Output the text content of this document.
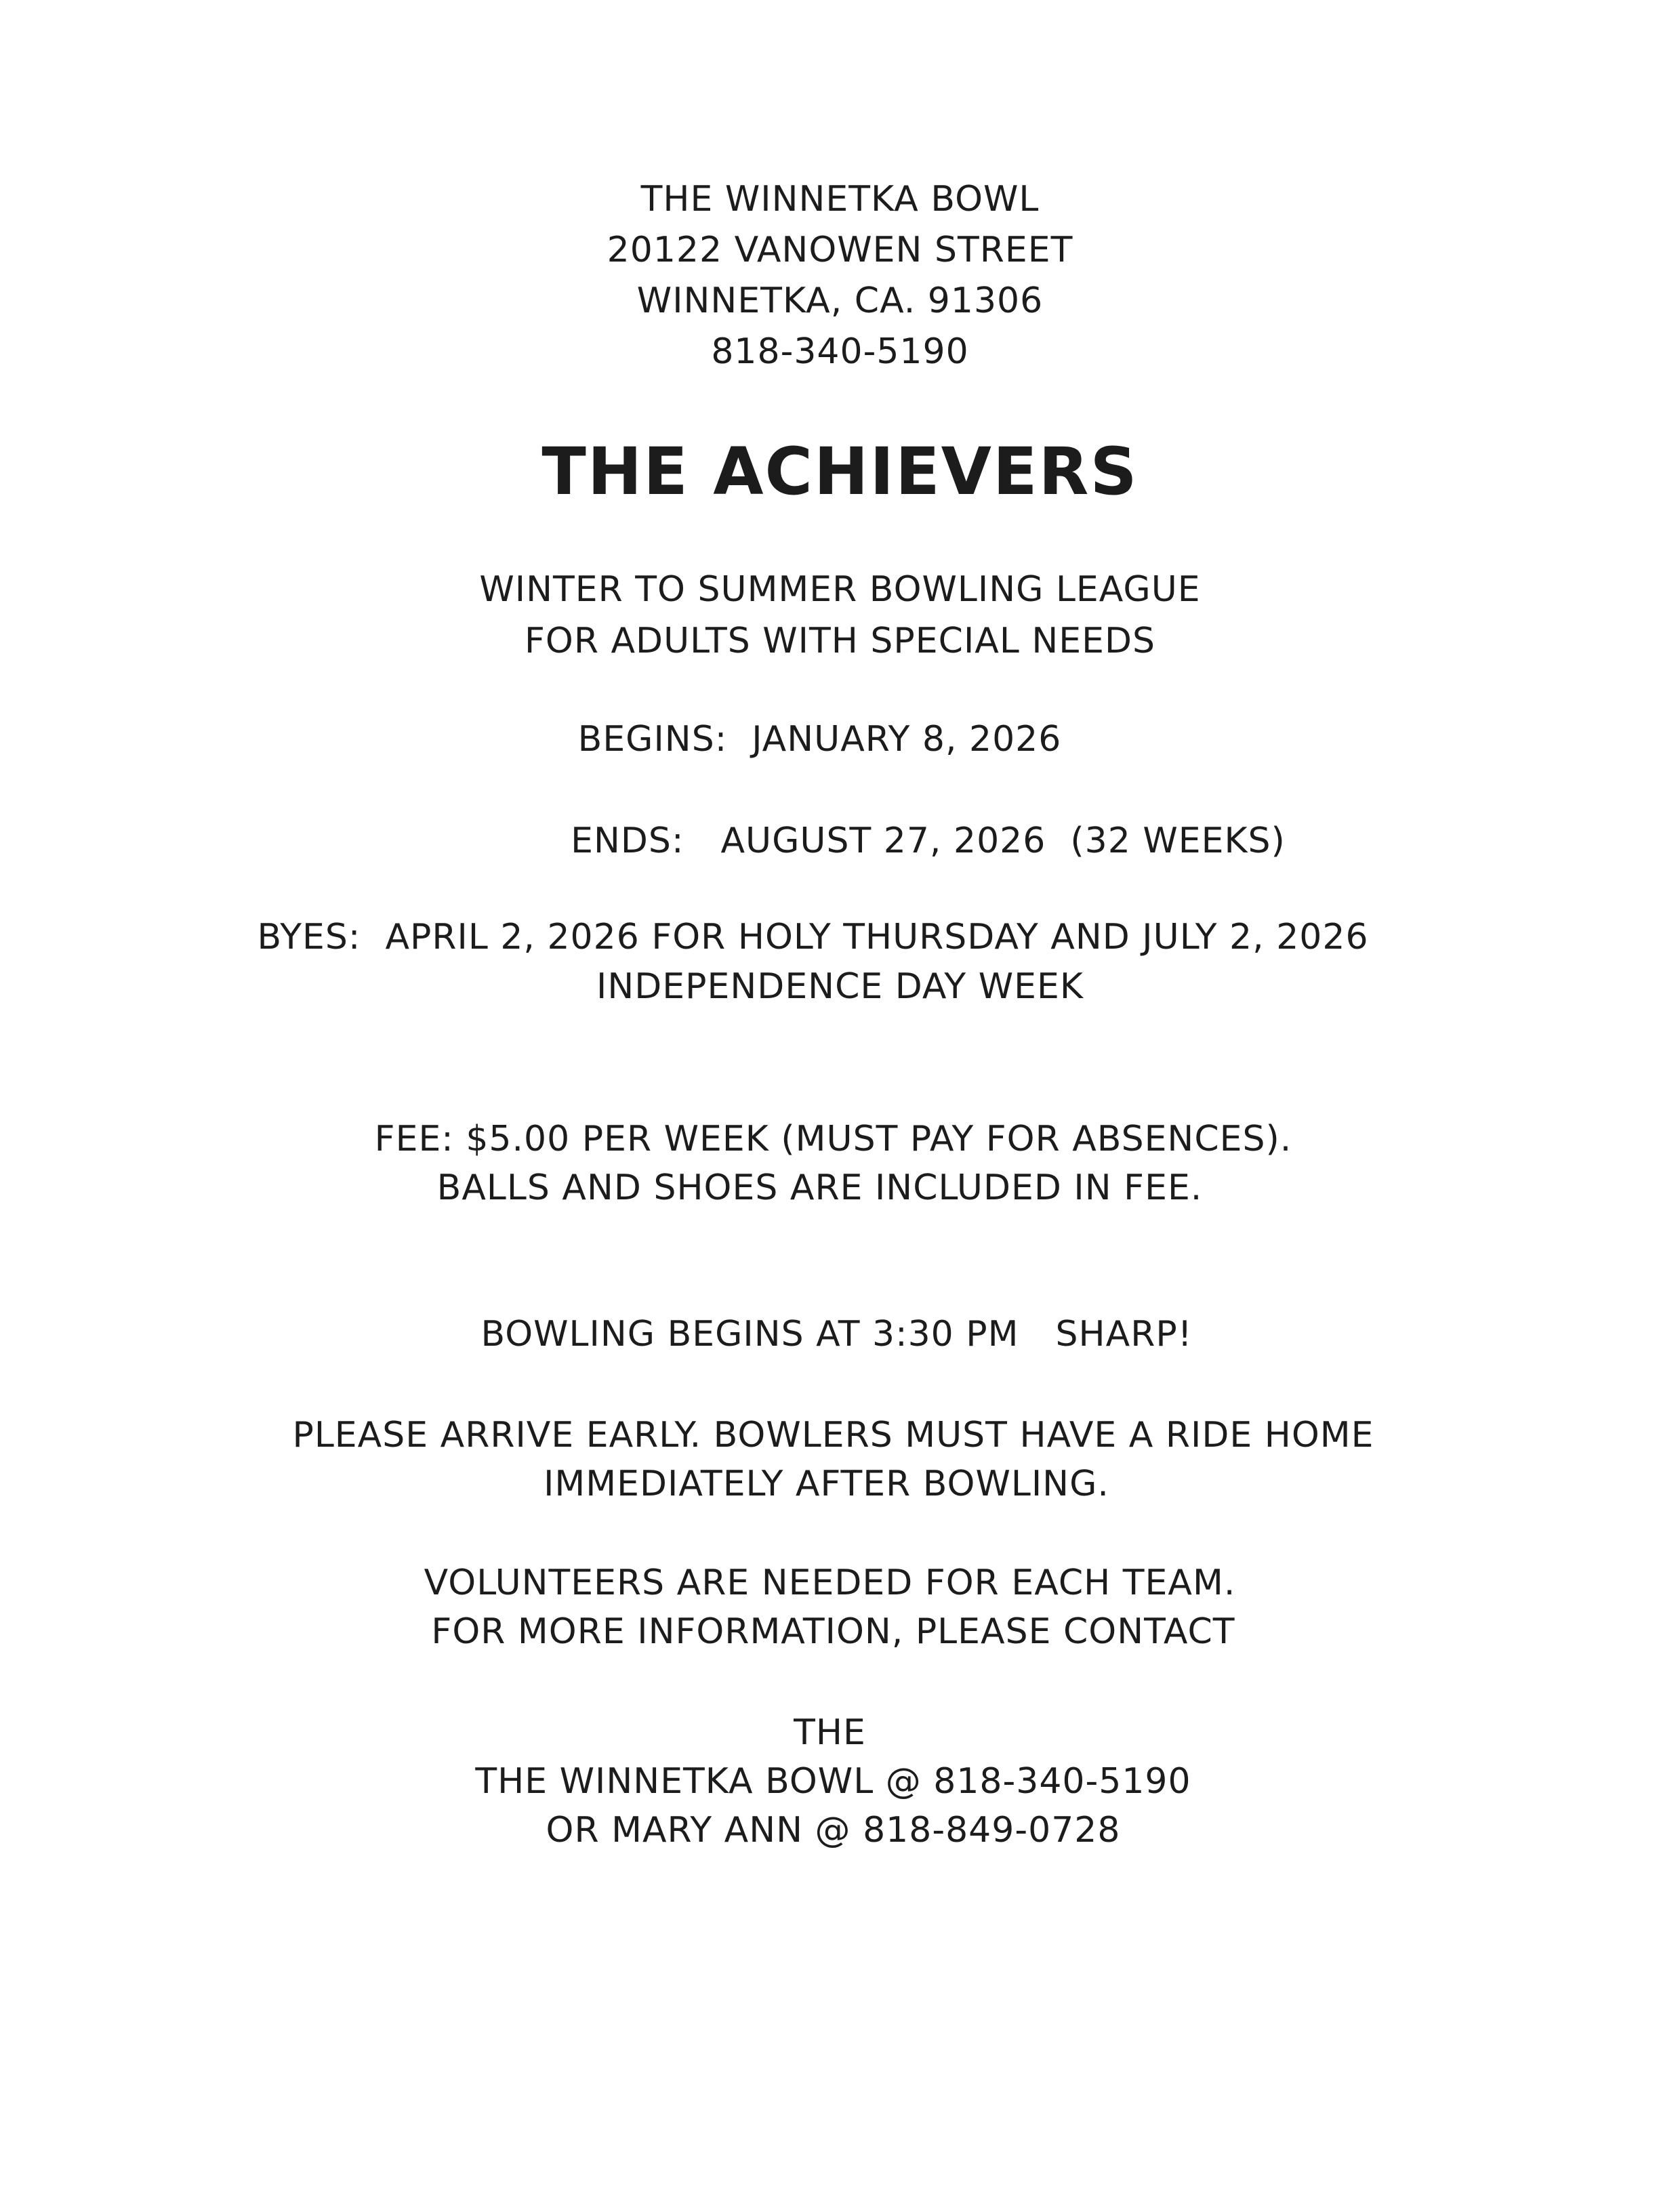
THE WINNETKA BOWL
20122 VANOWEN STREET
WINNETKA, CA. 91306
818-340-5190
THE ACHIEVERS
WINTER TO SUMMER BOWLING LEAGUE
FOR ADULTS WITH SPECIAL NEEDS
BEGINS: JANUARY 8, 2026
ENDS: AUGUST 27, 2026 (32 WEEKS)
BYES: APRIL 2, 2026 FOR HOLY THURSDAY AND JULY 2, 2026
INDEPENDENCE DAY WEEK
FEE: $5.00 PER WEEK (MUST PAY FOR ABSENCES).
BALLS AND SHOES ARE INCLUDED IN FEE.
BOWLING BEGINS AT 3:30 PM SHARP!
PLEASE ARRIVE EARLY. BOWLERS MUST HAVE A RIDE HOME
IMMEDIATELY AFTER BOWLING.
VOLUNTEERS ARE NEEDED FOR EACH TEAM.
FOR MORE INFORMATION, PLEASE CONTACT
THE
THE WINNETKA BOWL @ 818-340-5190
OR MARY ANN @ 818-849-0728
